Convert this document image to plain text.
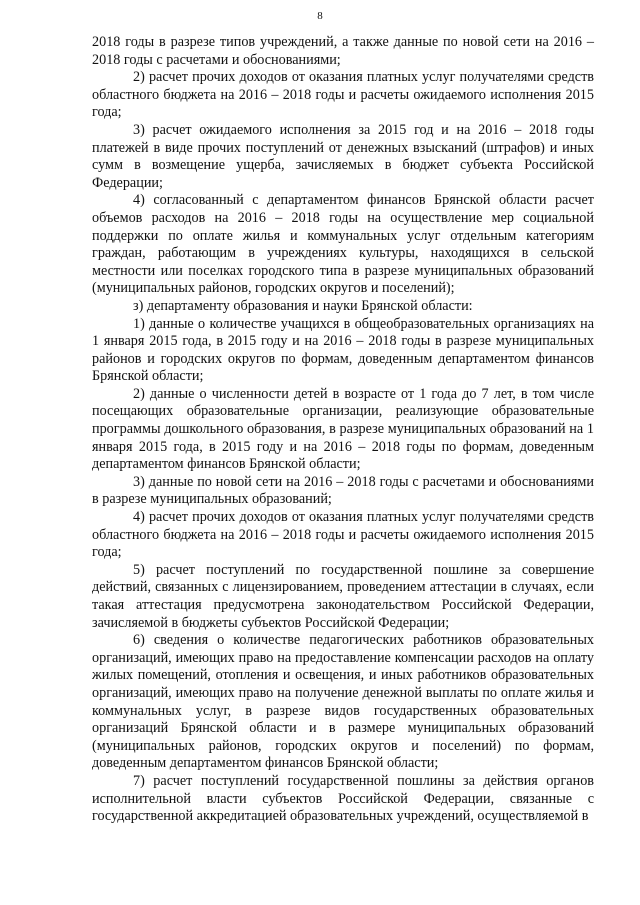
8

2018 годы в разрезе типов учреждений, а также данные по новой сети на 2016 – 2018 годы с расчетами и обоснованиями;

2) расчет прочих доходов от оказания платных услуг получателями средств областного бюджета на 2016 – 2018 годы и расчеты ожидаемого исполнения 2015 года;

3) расчет ожидаемого исполнения за 2015 год и на 2016 – 2018 годы платежей в виде прочих поступлений от денежных взысканий (штрафов) и иных сумм в возмещение ущерба, зачисляемых в бюджет субъекта Российской Федерации;

4) согласованный с департаментом финансов Брянской области расчет объемов расходов на 2016 – 2018 годы на осуществление мер социальной поддержки по оплате жилья и коммунальных услуг отдельным категориям граждан, работающим в учреждениях культуры, находящихся в сельской местности или поселках городского типа в разрезе муниципальных образований (муниципальных районов, городских округов и поселений);

з) департаменту образования и науки Брянской области:

1) данные о количестве учащихся в общеобразовательных организациях на 1 января 2015 года, в 2015 году и на 2016 – 2018 годы в разрезе муниципальных районов и городских округов по формам, доведенным департаментом финансов Брянской области;

2) данные о численности детей в возрасте от 1 года до 7 лет, в том числе посещающих образовательные организации, реализующие образовательные программы дошкольного образования, в разрезе муниципальных образований на 1 января 2015 года, в 2015 году и на 2016 – 2018 годы по формам, доведенным департаментом финансов Брянской области;

3) данные по новой сети на 2016 – 2018 годы с расчетами и обоснованиями в разрезе муниципальных образований;

4) расчет прочих доходов от оказания платных услуг получателями средств областного бюджета на 2016 – 2018 годы и расчеты ожидаемого исполнения 2015 года;

5) расчет поступлений по государственной пошлине за совершение действий, связанных с лицензированием, проведением аттестации в случаях, если такая аттестация предусмотрена законодательством Российской Федерации, зачисляемой в бюджеты субъектов Российской Федерации;

6) сведения о количестве педагогических работников образовательных организаций, имеющих право на предоставление компенсации расходов на оплату жилых помещений, отопления и освещения, и иных работников образовательных организаций, имеющих право на получение денежной выплаты по оплате жилья и коммунальных услуг, в разрезе видов государственных образовательных организаций Брянской области и в размере муниципальных образований (муниципальных районов, городских округов и поселений) по формам, доведенным департаментом финансов Брянской области;

7) расчет поступлений государственной пошлины за действия органов исполнительной власти субъектов Российской Федерации, связанные с государственной аккредитацией образовательных учреждений, осуществляемой в
